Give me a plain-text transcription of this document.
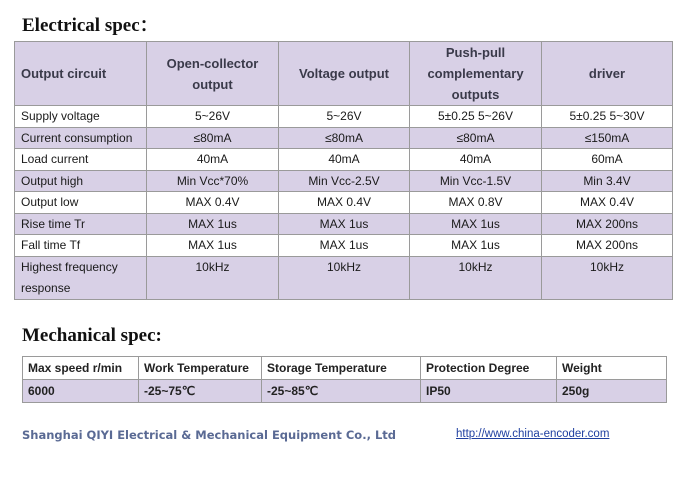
Electrical spec：
Output circuit	Open-collector output	Voltage output	Push-pull complementary outputs	driver
Supply voltage	5~26V	5~26V	5±0.25 5~26V	5±0.25 5~30V
Current consumption	≤80mA	≤80mA	≤80mA	≤150mA
Load current	40mA	40mA	40mA	60mA
Output high	Min Vcc*70%	Min Vcc-2.5V	Min Vcc-1.5V	Min 3.4V
Output low	MAX 0.4V	MAX 0.4V	MAX 0.8V	MAX 0.4V
Rise time Tr	MAX 1us	MAX 1us	MAX 1us	MAX 200ns
Fall time Tf	MAX 1us	MAX 1us	MAX 1us	MAX 200ns
Highest frequency response	10kHz	10kHz	10kHz	10kHz
Mechanical spec:
Max speed r/min	Work Temperature	Storage Temperature	Protection Degree	Weight
6000	-25~75℃	-25~85℃	IP50	250g
Shanghai QIYI Electrical & Mechanical Equipment Co., Ltd	http://www.china-encoder.com
